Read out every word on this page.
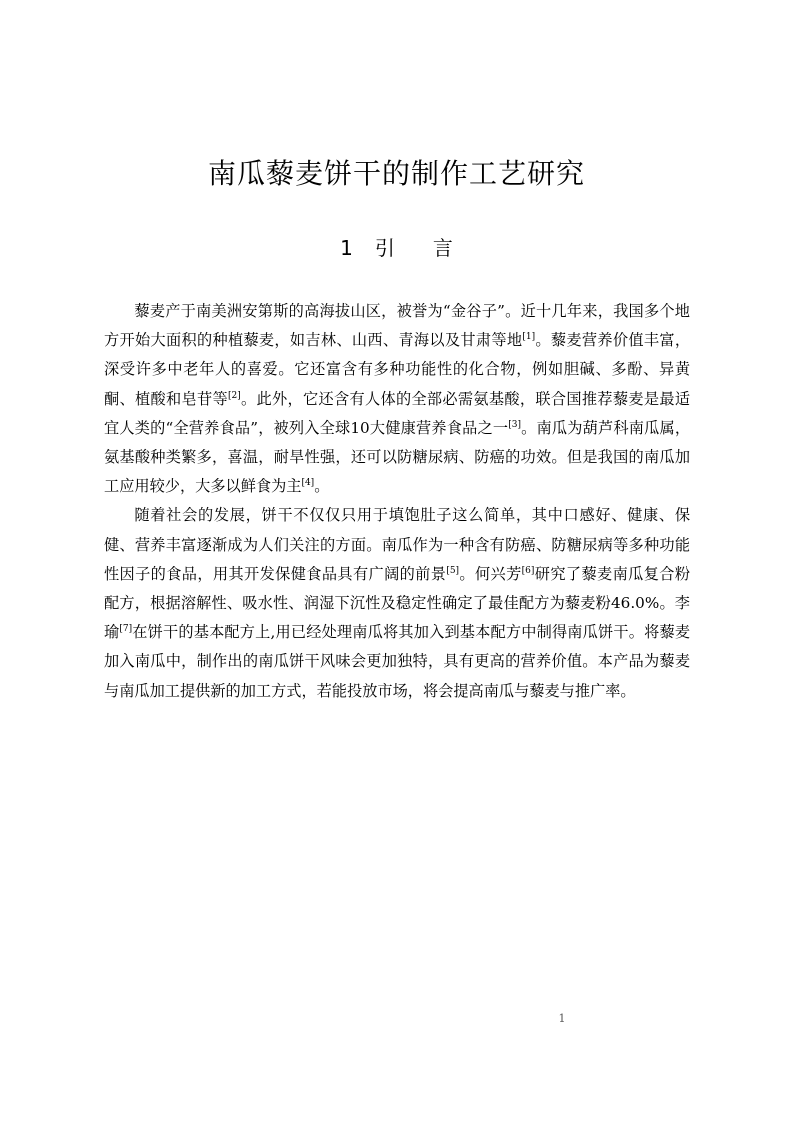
南瓜藜麦饼干的制作工艺研究
1 引 言

藜麦产于南美洲安第斯的高海拔山区，被誉为“金谷子”。近十几年来，我国多个地方开始大面积的种植藜麦，如吉林、山西、青海以及甘肃等地[1]。藜麦营养价值丰富，深受许多中老年人的喜爱。它还富含有多种功能性的化合物，例如胆碱、多酚、异黄酮、植酸和皂苷等[2]。此外，它还含有人体的全部必需氨基酸，联合国推荐藜麦是最适宜人类的“全营养食品”，被列入全球10大健康营养食品之一[3]。南瓜为葫芦科南瓜属，氨基酸种类繁多，喜温，耐旱性强，还可以防糖尿病、防癌的功效。但是我国的南瓜加工应用较少，大多以鲜食为主[4]。

随着社会的发展，饼干不仅仅只用于填饱肚子这么简单，其中口感好、健康、保健、营养丰富逐渐成为人们关注的方面。南瓜作为一种含有防癌、防糖尿病等多种功能性因子的食品，用其开发保健食品具有广阔的前景[5]。何兴芳[6]研究了藜麦南瓜复合粉配方，根据溶解性、吸水性、润湿下沉性及稳定性确定了最佳配方为藜麦粉46.0%。李瑜[7]在饼干的基本配方上,用已经处理南瓜将其加入到基本配方中制得南瓜饼干。将藜麦加入南瓜中，制作出的南瓜饼干风味会更加独特，具有更高的营养价值。本产品为藜麦与南瓜加工提供新的加工方式，若能投放市场，将会提高南瓜与藜麦与推广率。

1
